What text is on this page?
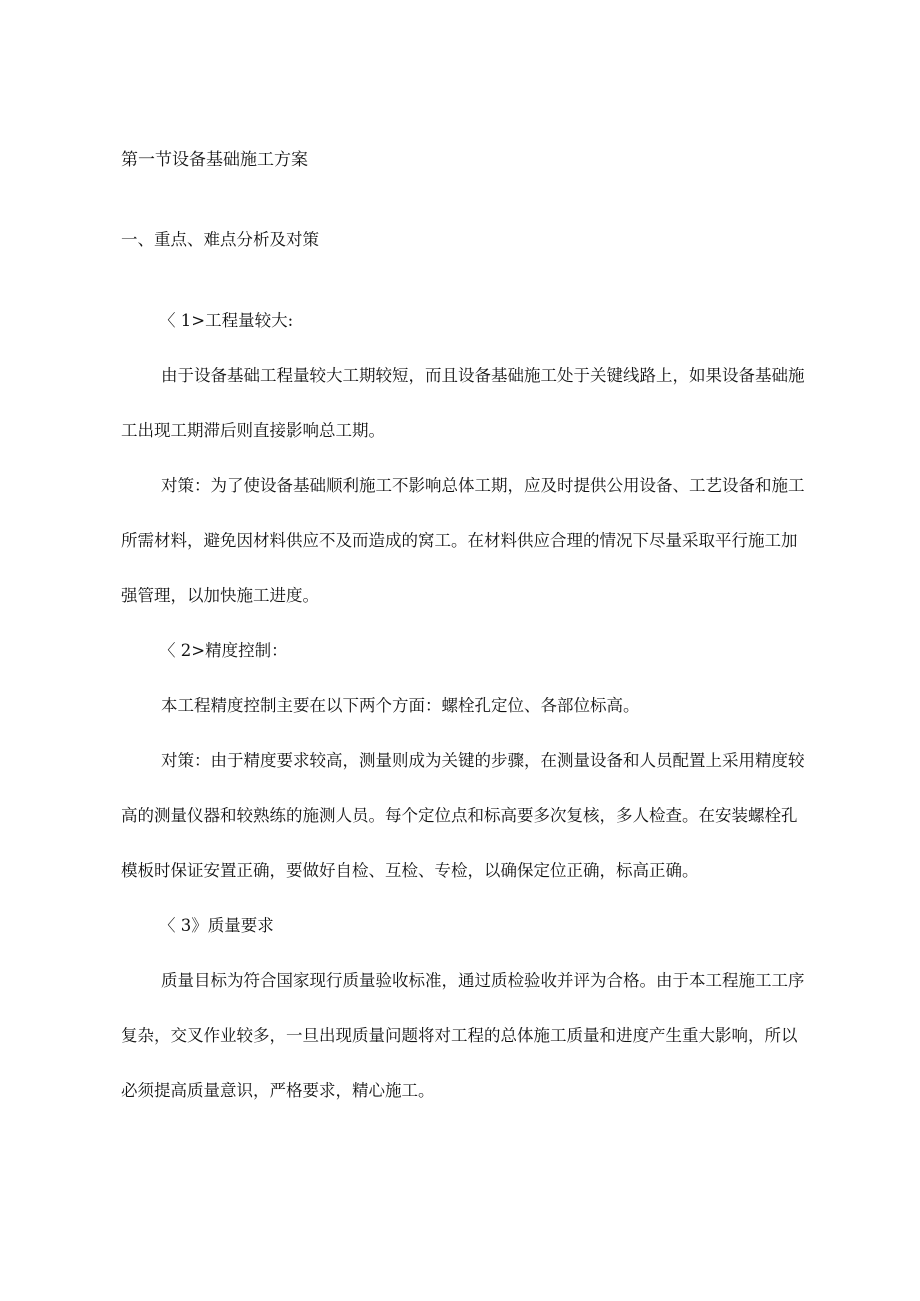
第一节设备基础施工方案

一、重点、难点分析及对策

〈 1>工程量较大:

由于设备基础工程量较大工期较短，而且设备基础施工处于关键线路上，如果设备基础施

工出现工期滞后则直接影响总工期。

对策：为了使设备基础顺利施工不影响总体工期，应及时提供公用设备、工艺设备和施工

所需材料，避免因材料供应不及而造成的窝工。在材料供应合理的情况下尽量采取平行施工加

强管理，以加快施工进度。

〈 2>精度控制：

本工程精度控制主要在以下两个方面：螺栓孔定位、各部位标高。

对策：由于精度要求较高，测量则成为关键的步骤，在测量设备和人员配置上采用精度较

高的测量仪器和较熟练的施测人员。每个定位点和标高要多次复核，多人检查。在安装螺栓孔

模板时保证安置正确，要做好自检、互检、专检，以确保定位正确，标高正确。

〈 3》质量要求

质量目标为符合国家现行质量验收标准，通过质检验收并评为合格。由于本工程施工工序

复杂，交叉作业较多，一旦出现质量问题将对工程的总体施工质量和进度产生重大影响，所以

必须提高质量意识，严格要求，精心施工。
